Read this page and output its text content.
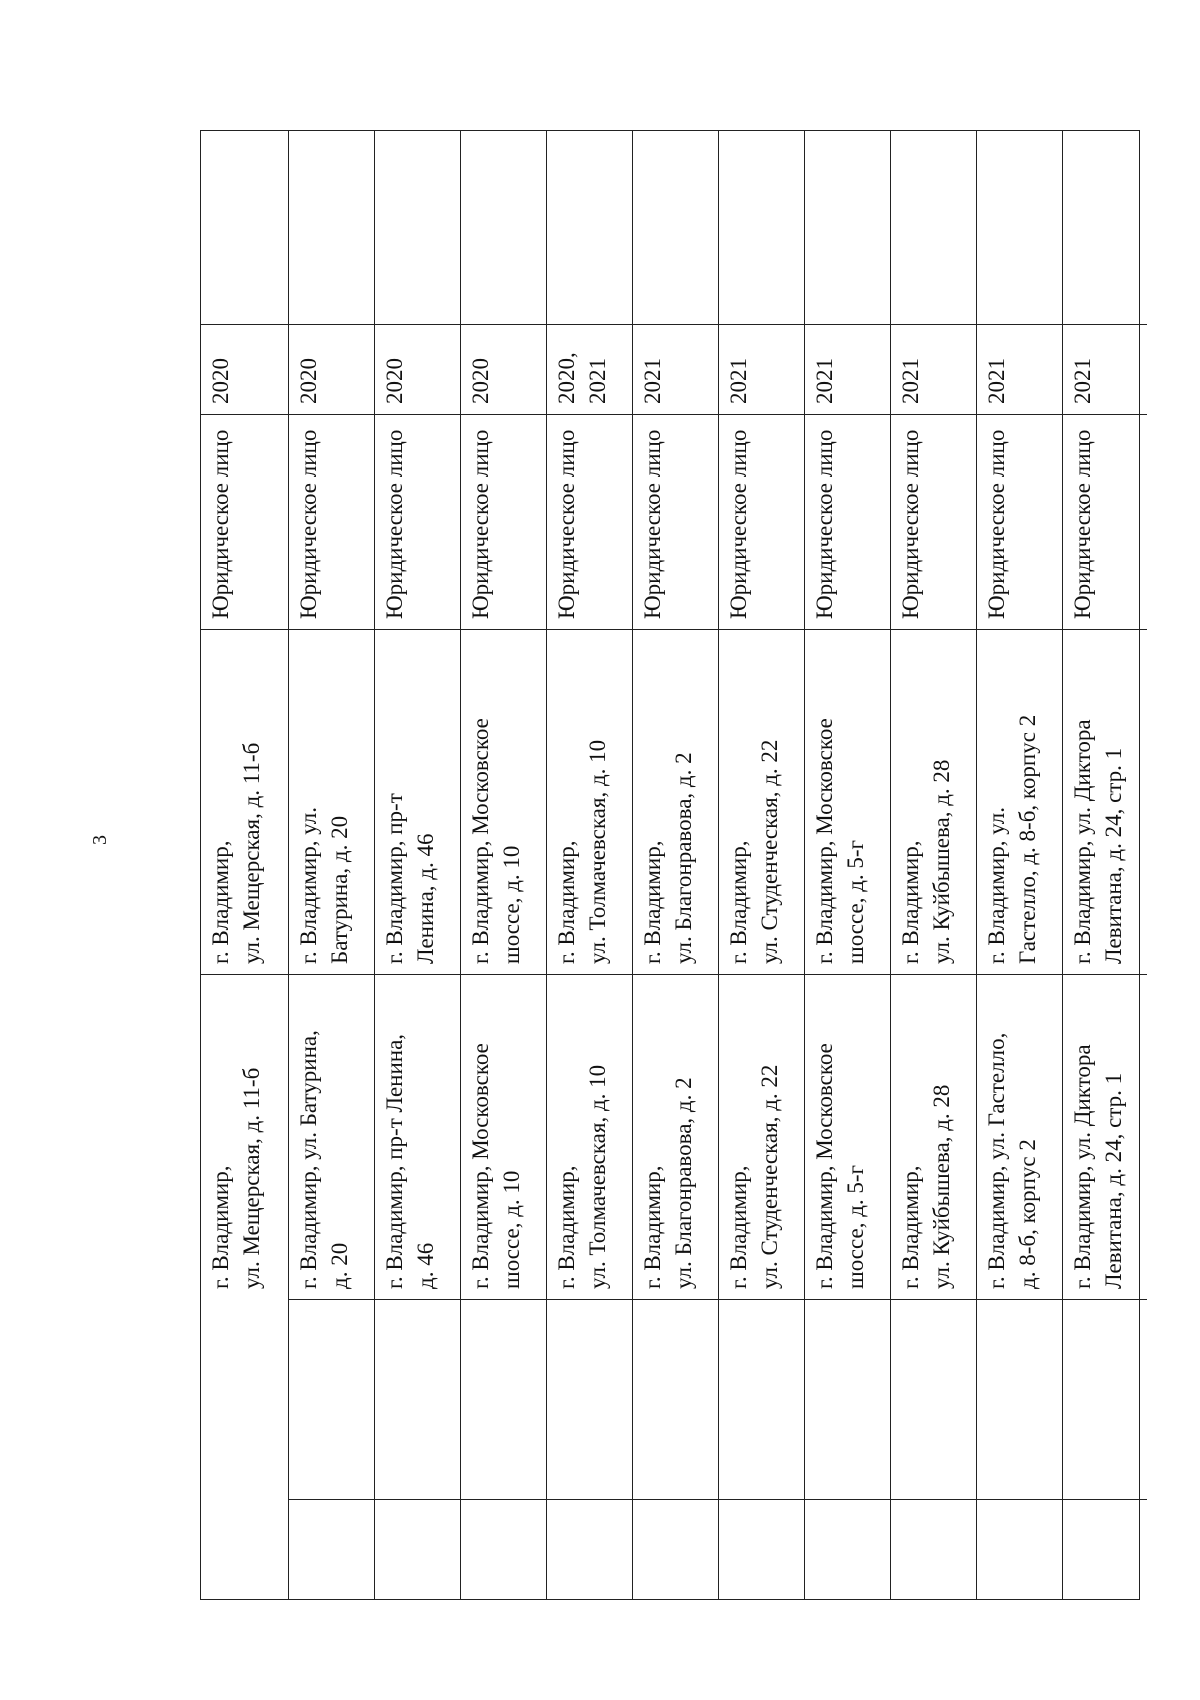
3
г. Владимир,
ул. Мещерская, д. 11-б
г. Владимир,
ул. Мещерская, д. 11-б
Юридическое лицо
2020
г. Владимир, ул. Батурина,
д. 20
г. Владимир, ул.
Батурина, д. 20
Юридическое лицо
2020
г. Владимир, пр-т Ленина,
д. 46
г. Владимир, пр-т
Ленина, д. 46
Юридическое лицо
2020
г. Владимир, Московское
шоссе, д. 10
г. Владимир, Московское
шоссе, д. 10
Юридическое лицо
2020
г. Владимир,
ул. Толмачевская, д. 10
г. Владимир,
ул. Толмачевская, д. 10
Юридическое лицо
2020, 2021
г. Владимир,
ул. Благонравова, д. 2
г. Владимир,
ул. Благонравова, д. 2
Юридическое лицо
2021
г. Владимир,
ул. Студенческая, д. 22
г. Владимир,
ул. Студенческая, д. 22
Юридическое лицо
2021
г. Владимир, Московское
шоссе, д. 5-г
г. Владимир, Московское
шоссе, д. 5-г
Юридическое лицо
2021
г. Владимир,
ул. Куйбышева, д. 28
г. Владимир,
ул. Куйбышева, д. 28
Юридическое лицо
2021
г. Владимир, ул. Гастелло,
д. 8-б, корпус 2
г. Владимир, ул.
Гастелло, д. 8-б, корпус 2
Юридическое лицо
2021
г. Владимир, ул. Диктора
Левитана, д. 24, стр. 1
г. Владимир, ул. Диктора
Левитана, д. 24, стр. 1
Юридическое лицо
2021
